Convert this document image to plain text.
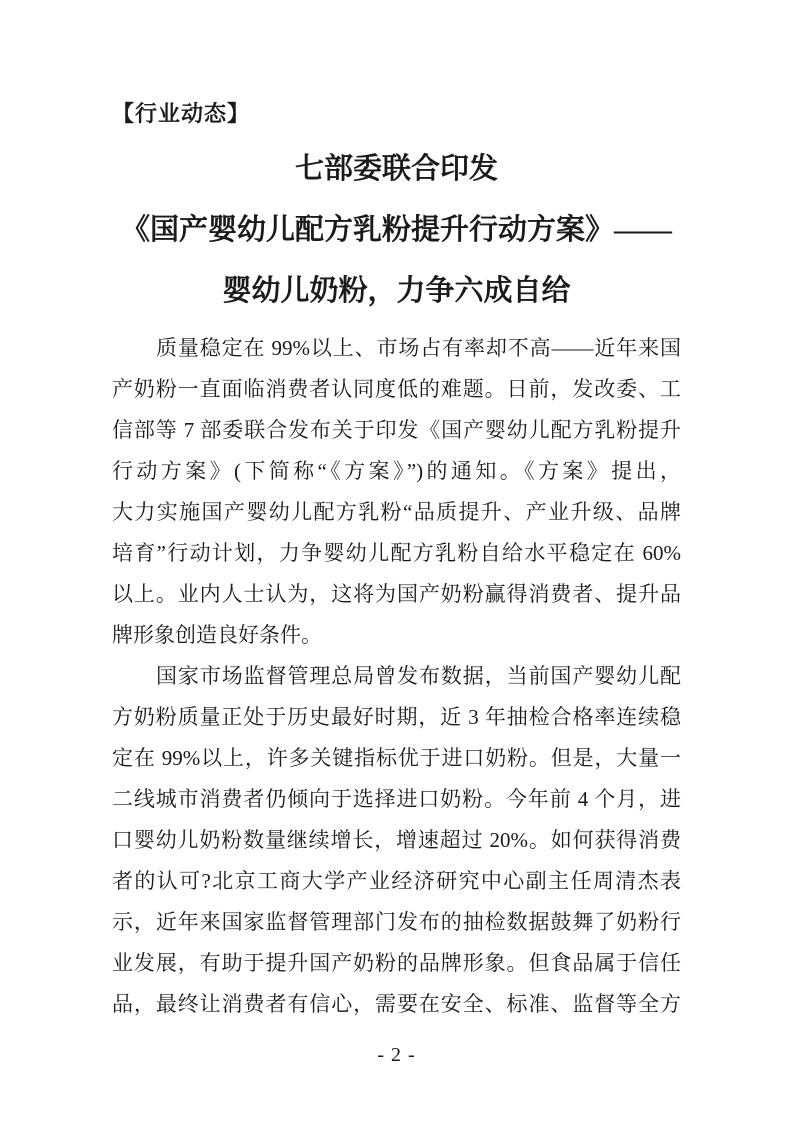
【行业动态】
七部委联合印发
《国产婴幼儿配方乳粉提升行动方案》——
婴幼儿奶粉，力争六成自给
质量稳定在 99%以上、市场占有率却不高——近年来国
产奶粉一直面临消费者认同度低的难题。日前，发改委、工
信部等 7 部委联合发布关于印发《国产婴幼儿配方乳粉提升
行动方案》(下简称“《方案》”)的通知。《方案》提出，
大力实施国产婴幼儿配方乳粉“品质提升、产业升级、品牌
培育”行动计划，力争婴幼儿配方乳粉自给水平稳定在 60%
以上。业内人士认为，这将为国产奶粉赢得消费者、提升品
牌形象创造良好条件。
国家市场监督管理总局曾发布数据，当前国产婴幼儿配
方奶粉质量正处于历史最好时期，近 3 年抽检合格率连续稳
定在 99%以上，许多关键指标优于进口奶粉。但是，大量一
二线城市消费者仍倾向于选择进口奶粉。今年前 4 个月，进
口婴幼儿奶粉数量继续增长，增速超过 20%。如何获得消费
者的认可?北京工商大学产业经济研究中心副主任周清杰表
示，近年来国家监督管理部门发布的抽检数据鼓舞了奶粉行
业发展，有助于提升国产奶粉的品牌形象。但食品属于信任
品，最终让消费者有信心，需要在安全、标准、监督等全方
- 2 -
